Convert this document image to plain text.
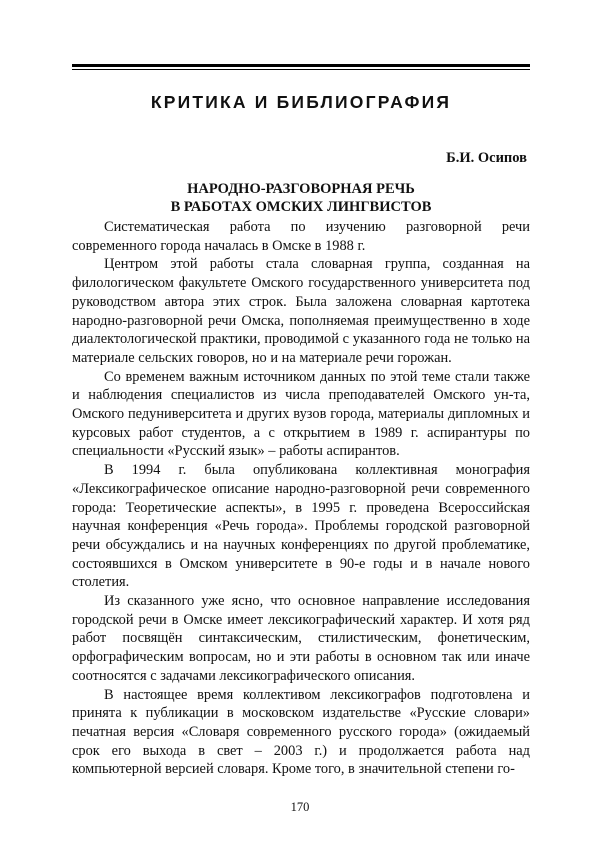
КРИТИКА И БИБЛИОГРАФИЯ
Б.И. Осипов
НАРОДНО-РАЗГОВОРНАЯ РЕЧЬ
В РАБОТАХ ОМСКИХ ЛИНГВИСТОВ

Систематическая работа по изучению разговорной речи современного города началась в Омске в 1988 г.

Центром этой работы стала словарная группа, созданная на филологическом факультете Омского государственного университета под руководством автора этих строк. Была заложена словарная картотека народно-разговорной речи Омска, пополняемая преимущественно в ходе диалектологической практики, проводимой с указанного года не только на материале сельских говоров, но и на материале речи горожан.

Со временем важным источником данных по этой теме стали также и наблюдения специалистов из числа преподавателей Омского ун-та, Омского педуниверситета и других вузов города, материалы дипломных и курсовых работ студентов, а с открытием в 1989 г. аспирантуры по специальности «Русский язык» – работы аспирантов.

В 1994 г. была опубликована коллективная монография «Лексикографическое описание народно-разговорной речи современного города: Теоретические аспекты», в 1995 г. проведена Всероссийская научная конференция «Речь города». Проблемы городской разговорной речи обсуждались и на научных конференциях по другой проблематике, состоявшихся в Омском университете в 90-е годы и в начале нового столетия.

Из сказанного уже ясно, что основное направление исследования городской речи в Омске имеет лексикографический характер. И хотя ряд работ посвящён синтаксическим, стилистическим, фонетическим, орфографическим вопросам, но и эти работы в основном так или иначе соотносятся с задачами лексикографического описания.

В настоящее время коллективом лексикографов подготовлена и принята к публикации в московском издательстве «Русские словари» печатная версия «Словаря современного русского города» (ожидаемый срок его выхода в свет – 2003 г.) и продолжается работа над компьютерной версией словаря. Кроме того, в значительной степени го-

170
